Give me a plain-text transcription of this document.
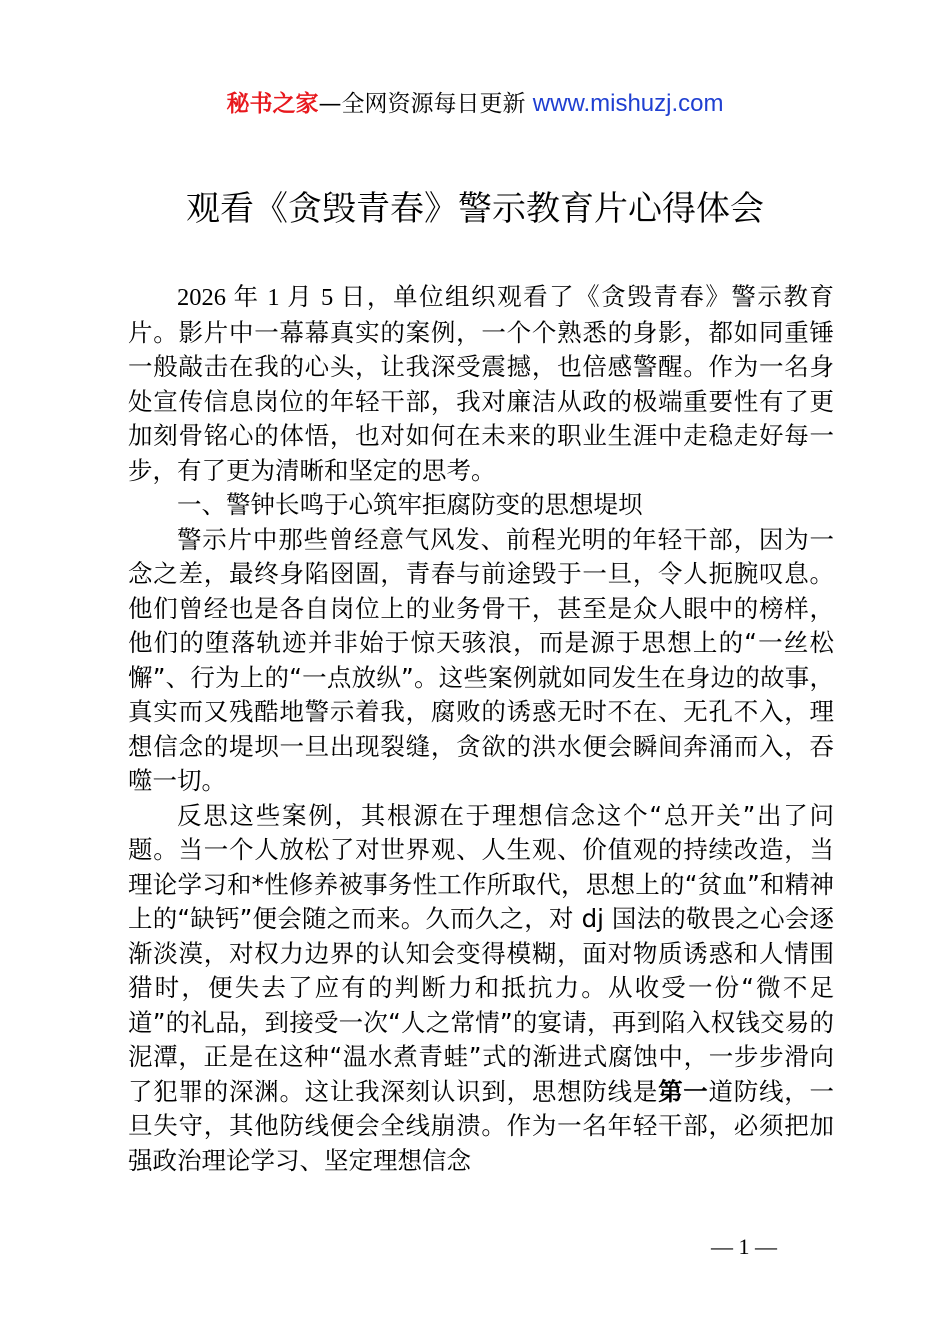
秘书之家—全网资源每日更新 www.mishuzj.com
观看《贪毁青春》警示教育片心得体会

2026 年 1 月 5 日，单位组织观看了《贪毁青春》警示教育片。影片中一幕幕真实的案例，一个个熟悉的身影，都如同重锤一般敲击在我的心头，让我深受震撼，也倍感警醒。作为一名身处宣传信息岗位的年轻干部，我对廉洁从政的极端重要性有了更加刻骨铭心的体悟，也对如何在未来的职业生涯中走稳走好每一步，有了更为清晰和坚定的思考。

一、警钟长鸣于心筑牢拒腐防变的思想堤坝

警示片中那些曾经意气风发、前程光明的年轻干部，因为一念之差，最终身陷囹圄，青春与前途毁于一旦，令人扼腕叹息。他们曾经也是各自岗位上的业务骨干，甚至是众人眼中的榜样，他们的堕落轨迹并非始于惊天骇浪，而是源于思想上的“一丝松懈”、行为上的“一点放纵”。这些案例就如同发生在身边的故事，真实而又残酷地警示着我，腐败的诱惑无时不在、无孔不入，理想信念的堤坝一旦出现裂缝，贪欲的洪水便会瞬间奔涌而入，吞噬一切。

反思这些案例，其根源在于理想信念这个“总开关”出了问题。当一个人放松了对世界观、人生观、价值观的持续改造，当理论学习和*性修养被事务性工作所取代，思想上的“贫血”和精神上的“缺钙”便会随之而来。久而久之，对 dj 国法的敬畏之心会逐渐淡漠，对权力边界的认知会变得模糊，面对物质诱惑和人情围猎时，便失去了应有的判断力和抵抗力。从收受一份“微不足道”的礼品，到接受一次“人之常情”的宴请，再到陷入权钱交易的泥潭，正是在这种“温水煮青蛙”式的渐进式腐蚀中，一步步滑向了犯罪的深渊。这让我深刻认识到，思想防线是第一道防线，一旦失守，其他防线便会全线崩溃。作为一名年轻干部，必须把加强政治理论学习、坚定理想信念

— 1 —
